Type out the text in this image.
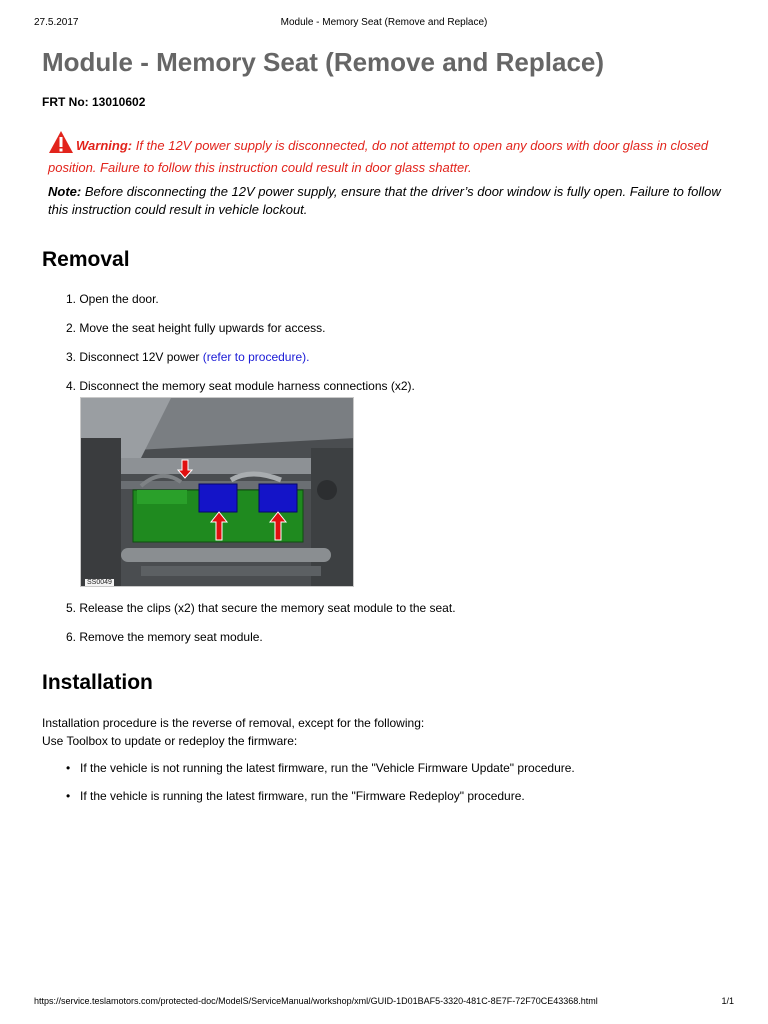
27.5.2017	Module - Memory Seat (Remove and Replace)
Module - Memory Seat (Remove and Replace)
FRT No: 13010602
Warning: If the 12V power supply is disconnected, do not attempt to open any doors with door glass in closed position. Failure to follow this instruction could result in door glass shatter.
Note: Before disconnecting the 12V power supply, ensure that the driver’s door window is fully open. Failure to follow this instruction could result in vehicle lockout.
Removal
1. Open the door.
2. Move the seat height fully upwards for access.
3. Disconnect 12V power (refer to procedure).
4. Disconnect the memory seat module harness connections (x2).
SS0049
5. Release the clips (x2) that secure the memory seat module to the seat.
6. Remove the memory seat module.
Installation
Installation procedure is the reverse of removal, except for the following:
Use Toolbox to update or redeploy the firmware:
• If the vehicle is not running the latest firmware, run the "Vehicle Firmware Update" procedure.
• If the vehicle is running the latest firmware, run the "Firmware Redeploy" procedure.
https://service.teslamotors.com/protected-doc/ModelS/ServiceManual/workshop/xml/GUID-1D01BAF5-3320-481C-8E7F-72F70CE43368.html	1/1
